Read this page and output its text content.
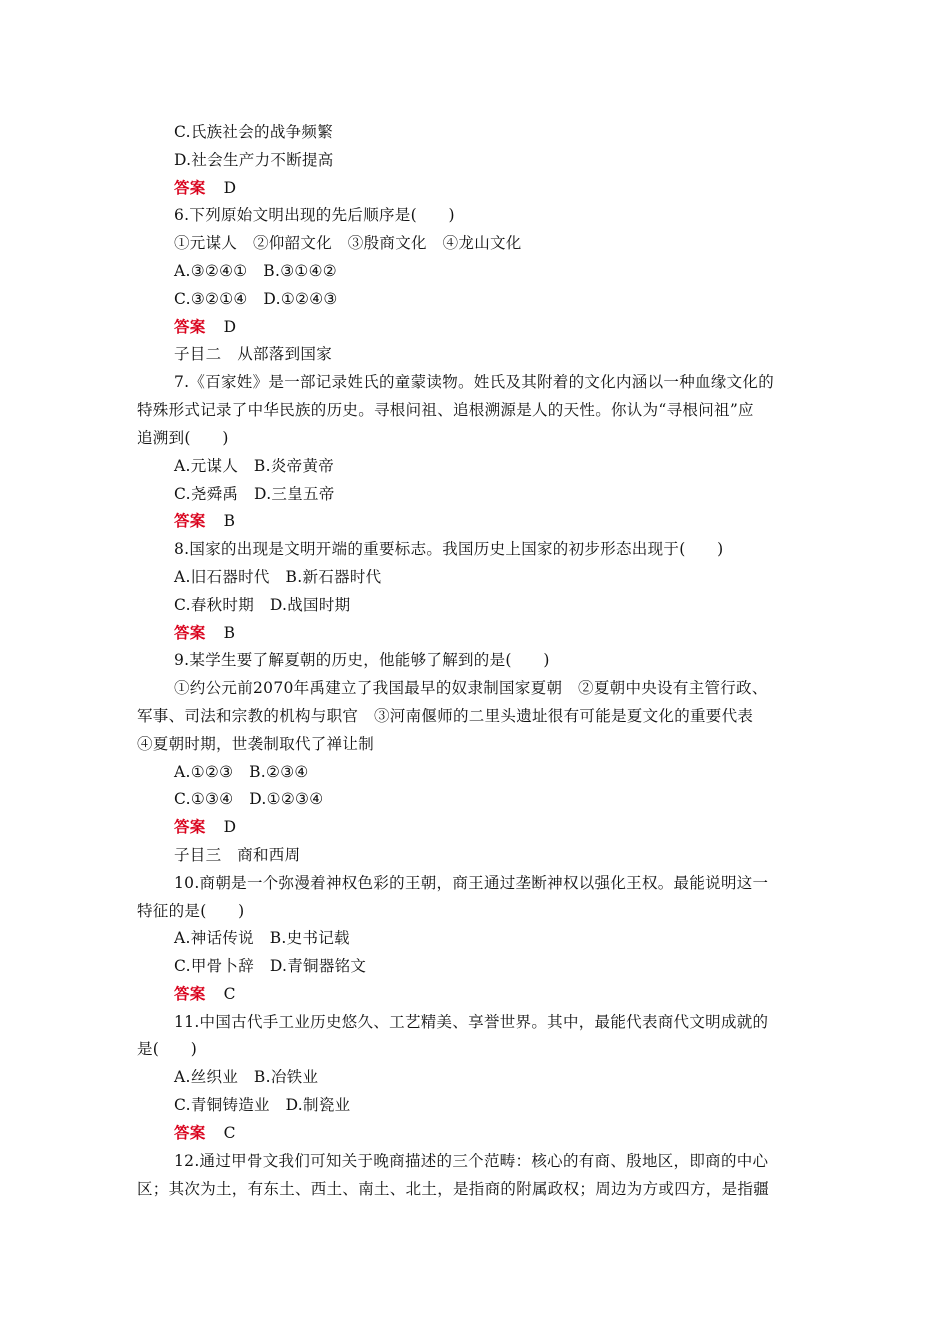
C.氏族社会的战争频繁
D.社会生产力不断提高
答案 D
6.下列原始文明出现的先后顺序是(　　)
①元谋人　②仰韶文化　③殷商文化　④龙山文化
A.③②④①　B.③①④②
C.③②①④　D.①②④③
答案 D
子目二　从部落到国家
7.《百家姓》是一部记录姓氏的童蒙读物。姓氏及其附着的文化内涵以一种血缘文化的
特殊形式记录了中华民族的历史。寻根问祖、追根溯源是人的天性。你认为“寻根问祖”应
追溯到(　　)
A.元谋人　B.炎帝黄帝
C.尧舜禹　D.三皇五帝
答案 B
8.国家的出现是文明开端的重要标志。我国历史上国家的初步形态出现于(　　)
A.旧石器时代　B.新石器时代
C.春秋时期　D.战国时期
答案 B
9.某学生要了解夏朝的历史，他能够了解到的是(　　)
①约公元前2070年禹建立了我国最早的奴隶制国家夏朝　②夏朝中央设有主管行政、
军事、司法和宗教的机构与职官　③河南偃师的二里头遗址很有可能是夏文化的重要代表
④夏朝时期，世袭制取代了禅让制
A.①②③　B.②③④
C.①③④　D.①②③④
答案 D
子目三　商和西周
10.商朝是一个弥漫着神权色彩的王朝，商王通过垄断神权以强化王权。最能说明这一
特征的是(　　)
A.神话传说　B.史书记载
C.甲骨卜辞　D.青铜器铭文
答案 C
11.中国古代手工业历史悠久、工艺精美、享誉世界。其中，最能代表商代文明成就的
是(　　)
A.丝织业　B.冶铁业
C.青铜铸造业　D.制瓷业
答案 C
12.通过甲骨文我们可知关于晚商描述的三个范畴：核心的有商、殷地区，即商的中心
区；其次为土，有东土、西土、南土、北土，是指商的附属政权；周边为方或四方，是指疆
